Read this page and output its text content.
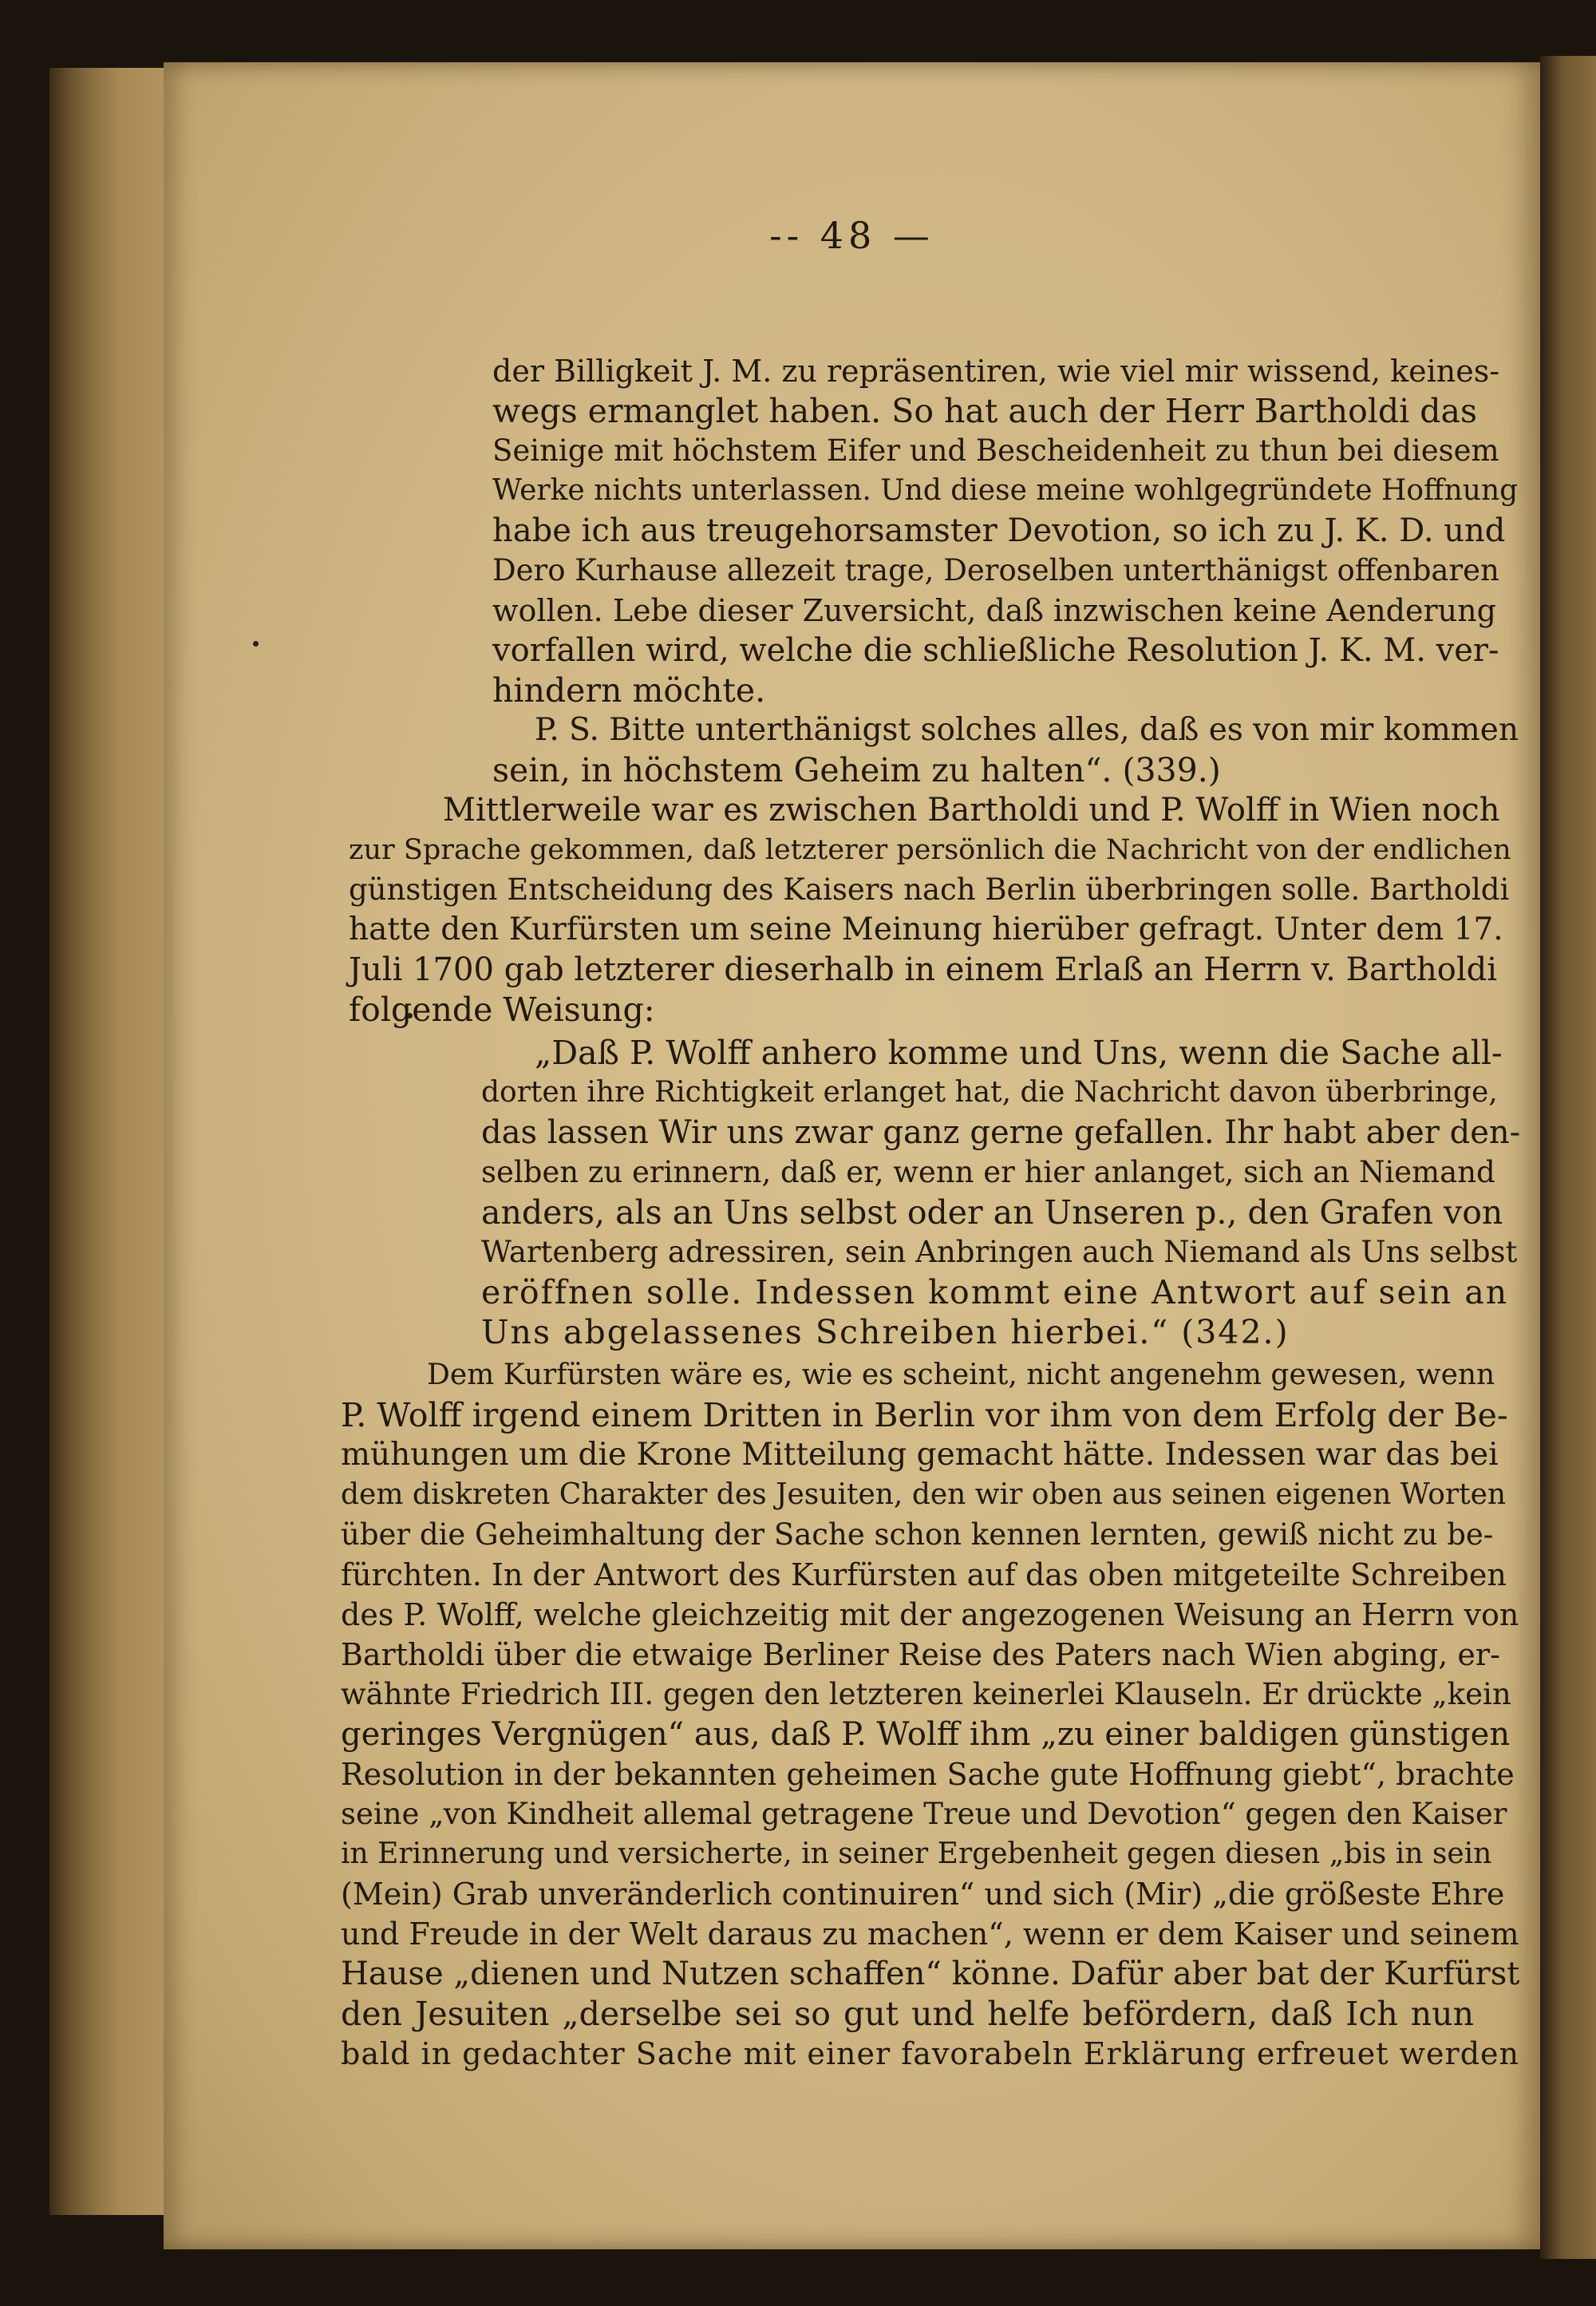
-- 48 —
der Billigkeit J. M. zu repräsentiren, wie viel mir wissend, keines-
wegs ermanglet haben. So hat auch der Herr Bartholdi das
Seinige mit höchstem Eifer und Bescheidenheit zu thun bei diesem
Werke nichts unterlassen. Und diese meine wohlgegründete Hoffnung
habe ich aus treugehorsamster Devotion, so ich zu J. K. D. und
Dero Kurhause allezeit trage, Deroselben unterthänigst offenbaren
wollen. Lebe dieser Zuversicht, daß inzwischen keine Aenderung
vorfallen wird, welche die schließliche Resolution J. K. M. ver-
hindern möchte.
P. S. Bitte unterthänigst solches alles, daß es von mir kommen
sein, in höchstem Geheim zu halten“. (339.)
Mittlerweile war es zwischen Bartholdi und P. Wolff in Wien noch
zur Sprache gekommen, daß letzterer persönlich die Nachricht von der endlichen
günstigen Entscheidung des Kaisers nach Berlin überbringen solle. Bartholdi
hatte den Kurfürsten um seine Meinung hierüber gefragt. Unter dem 17.
Juli 1700 gab letzterer dieserhalb in einem Erlaß an Herrn v. Bartholdi
folgende Weisung:
„Daß P. Wolff anhero komme und Uns, wenn die Sache all-
dorten ihre Richtigkeit erlanget hat, die Nachricht davon überbringe,
das lassen Wir uns zwar ganz gerne gefallen. Ihr habt aber den-
selben zu erinnern, daß er, wenn er hier anlanget, sich an Niemand
anders, als an Uns selbst oder an Unseren p., den Grafen von
Wartenberg adressiren, sein Anbringen auch Niemand als Uns selbst
eröffnen solle. Indessen kommt eine Antwort auf sein an
Uns abgelassenes Schreiben hierbei.“ (342.)
Dem Kurfürsten wäre es, wie es scheint, nicht angenehm gewesen, wenn
P. Wolff irgend einem Dritten in Berlin vor ihm von dem Erfolg der Be-
mühungen um die Krone Mitteilung gemacht hätte. Indessen war das bei
dem diskreten Charakter des Jesuiten, den wir oben aus seinen eigenen Worten
über die Geheimhaltung der Sache schon kennen lernten, gewiß nicht zu be-
fürchten. In der Antwort des Kurfürsten auf das oben mitgeteilte Schreiben
des P. Wolff, welche gleichzeitig mit der angezogenen Weisung an Herrn von
Bartholdi über die etwaige Berliner Reise des Paters nach Wien abging, er-
wähnte Friedrich III. gegen den letzteren keinerlei Klauseln. Er drückte „kein
geringes Vergnügen“ aus, daß P. Wolff ihm „zu einer baldigen günstigen
Resolution in der bekannten geheimen Sache gute Hoffnung giebt“, brachte
seine „von Kindheit allemal getragene Treue und Devotion“ gegen den Kaiser
in Erinnerung und versicherte, in seiner Ergebenheit gegen diesen „bis in sein
(Mein) Grab unveränderlich continuiren“ und sich (Mir) „die größeste Ehre
und Freude in der Welt daraus zu machen“, wenn er dem Kaiser und seinem
Hause „dienen und Nutzen schaffen“ könne. Dafür aber bat der Kurfürst
den Jesuiten „derselbe sei so gut und helfe befördern, daß Ich nun
bald in gedachter Sache mit einer favorabeln Erklärung erfreuet werden
